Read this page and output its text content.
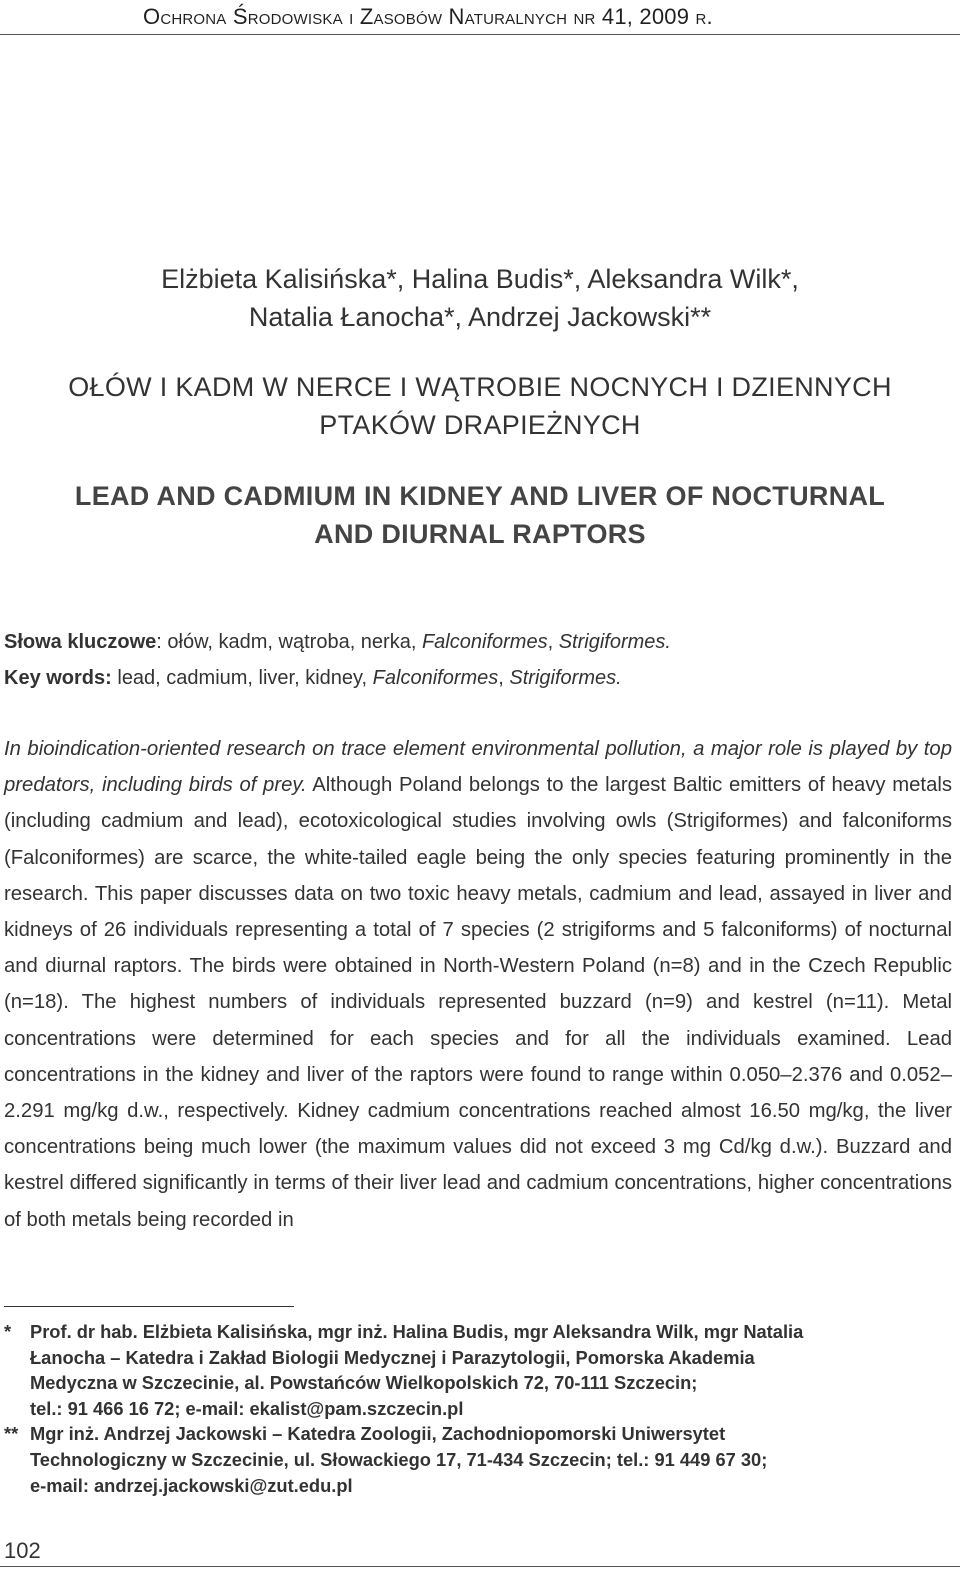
Ochrona Środowiska i Zasobów Naturalnych nr 41, 2009 r.
Elżbieta Kalisińska*, Halina Budis*, Aleksandra Wilk*,
Natalia Łanocha*, Andrzej Jackowski**
OŁÓW I KADM W NERCE I WĄTROBIE NOCNYCH I DZIENNYCH
PTAKÓW DRAPIEŻNYCH
LEAD AND CADMIUM IN KIDNEY AND LIVER OF NOCTURNAL
AND DIURNAL RAPTORS
Słowa kluczowe: ołów, kadm, wątroba, nerka, Falconiformes, Strigiformes.
Key words: lead, cadmium, liver, kidney, Falconiformes, Strigiformes.
In bioindication-oriented research on trace element environmental pollution, a major role is played by top predators, including birds of prey. Although Poland belongs to the largest Baltic emitters of heavy metals (including cadmium and lead), ecotoxicological studies involving owls (Strigiformes) and falconiforms (Falconiformes) are scarce, the white-tailed eagle being the only species featuring prominently in the research. This paper discusses data on two toxic heavy metals, cadmium and lead, assayed in liver and kidneys of 26 individuals representing a total of 7 species (2 strigiforms and 5 falconiforms) of nocturnal and diurnal raptors. The birds were obtained in North-Western Poland (n=8) and in the Czech Republic (n=18). The highest numbers of individuals represented buzzard (n=9) and kestrel (n=11). Metal concentrations were determined for each species and for all the individuals examined. Lead concentrations in the kidney and liver of the raptors were found to range within 0.050–2.376 and 0.052–2.291 mg/kg d.w., respectively. Kidney cadmium concentrations reached almost 16.50 mg/kg, the liver concentrations being much lower (the maximum values did not exceed 3 mg Cd/kg d.w.). Buzzard and kestrel differed significantly in terms of their liver lead and cadmium concentrations, higher concentrations of both metals being recorded in
* Prof. dr hab. Elżbieta Kalisińska, mgr inż. Halina Budis, mgr Aleksandra Wilk, mgr Natalia
Łanocha – Katedra i Zakład Biologii Medycznej i Parazytologii, Pomorska Akademia
Medyczna w Szczecinie, al. Powstańców Wielkopolskich 72, 70-111 Szczecin;
tel.: 91 466 16 72; e-mail: ekalist@pam.szczecin.pl
** Mgr inż. Andrzej Jackowski – Katedra Zoologii, Zachodniopomorski Uniwersytet
Technologiczny w Szczecinie, ul. Słowackiego 17, 71-434 Szczecin; tel.: 91 449 67 30;
e-mail: andrzej.jackowski@zut.edu.pl
102
